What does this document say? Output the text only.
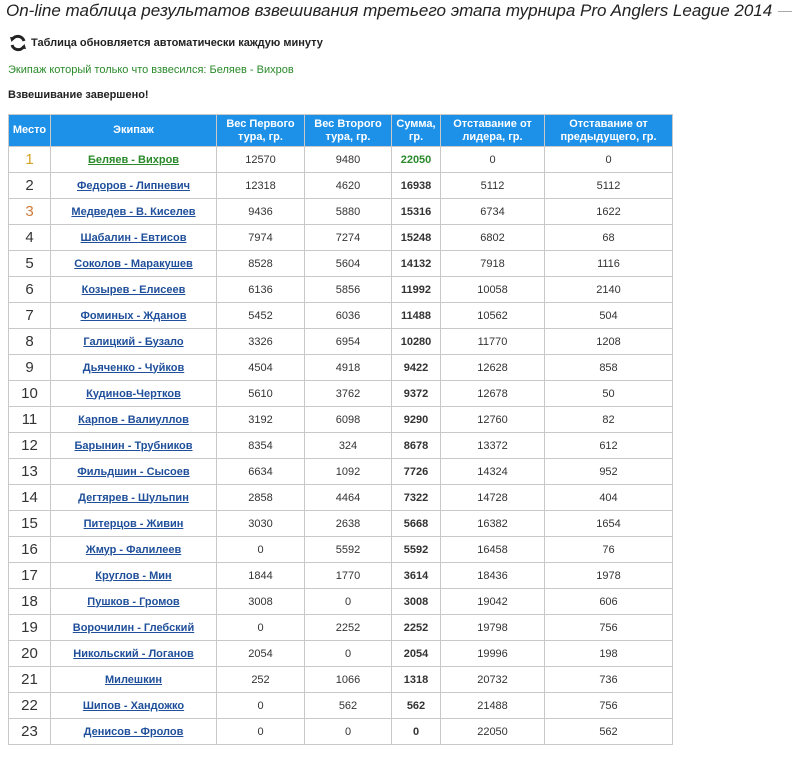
On-line таблица результатов взвешивания третьего этапа турнира Pro Anglers League 2014
Таблица обновляется автоматически каждую минуту
Экипаж который только что взвесился: Беляев - Вихров
Взвешивание завершено!
Место	Экипаж	Вес Первого тура, гр.	Вес Второго тура, гр.	Сумма, гр.	Отставание от лидера, гр.	Отставание от предыдущего, гр.
1	Беляев - Вихров	12570	9480	22050	0	0
2	Федоров - Липневич	12318	4620	16938	5112	5112
3	Медведев - В. Киселев	9436	5880	15316	6734	1622
4	Шабалин - Евтисов	7974	7274	15248	6802	68
5	Соколов - Маракушев	8528	5604	14132	7918	1116
6	Козырев - Елисеев	6136	5856	11992	10058	2140
7	Фоминых - Жданов	5452	6036	11488	10562	504
8	Галицкий - Бузало	3326	6954	10280	11770	1208
9	Дьяченко - Чуйков	4504	4918	9422	12628	858
10	Кудинов-Чертков	5610	3762	9372	12678	50
11	Карпов - Валиуллов	3192	6098	9290	12760	82
12	Барынин - Трубников	8354	324	8678	13372	612
13	Фильдшин - Сысоев	6634	1092	7726	14324	952
14	Дегтярев - Шульпин	2858	4464	7322	14728	404
15	Питерцов - Живин	3030	2638	5668	16382	1654
16	Жмур - Фалилеев	0	5592	5592	16458	76
17	Круглов - Мин	1844	1770	3614	18436	1978
18	Пушков - Громов	3008	0	3008	19042	606
19	Ворочилин - Глебский	0	2252	2252	19798	756
20	Никольский - Логанов	2054	0	2054	19996	198
21	Милешкин	252	1066	1318	20732	736
22	Шипов - Хандожко	0	562	562	21488	756
23	Денисов - Фролов	0	0	0	22050	562
